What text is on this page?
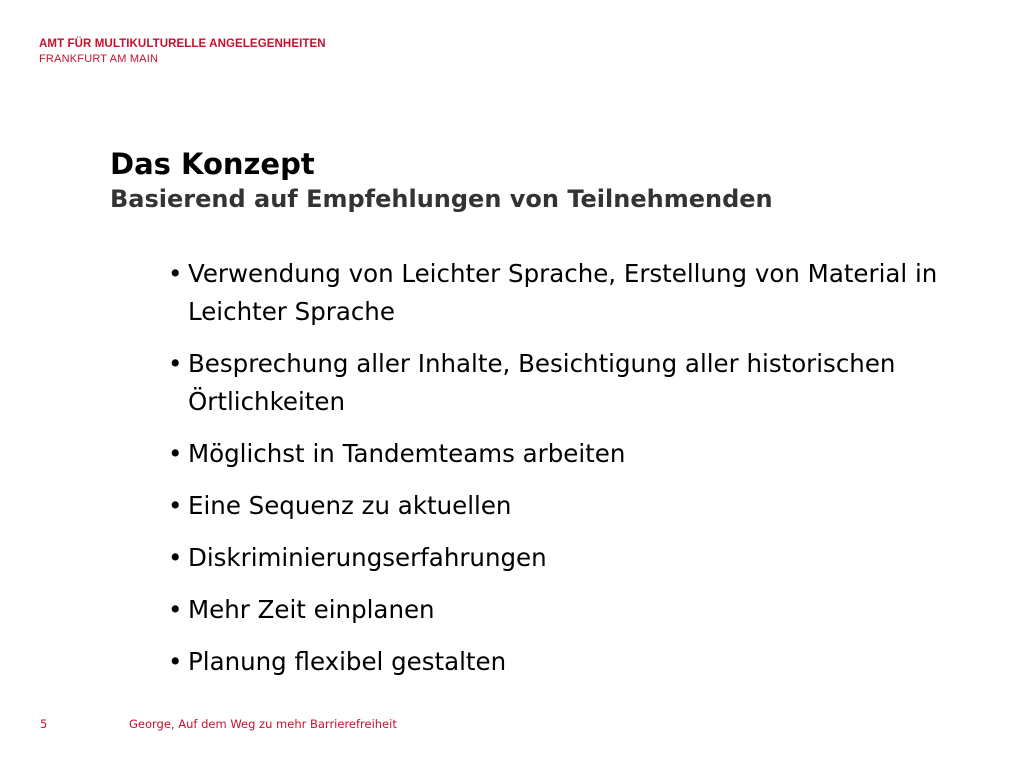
AMT FÜR MULTIKULTURELLE ANGELEGENHEITEN
FRANKFURT AM MAIN
Das Konzept
Basierend auf Empfehlungen von Teilnehmenden
• Verwendung von Leichter Sprache, Erstellung von Material in Leichter Sprache
• Besprechung aller Inhalte, Besichtigung aller historischen Örtlichkeiten
• Möglichst in Tandemteams arbeiten
• Eine Sequenz zu aktuellen
• Diskriminierungserfahrungen
• Mehr Zeit einplanen
• Planung flexibel gestalten
5	George, Auf dem Weg zu mehr Barrierefreiheit
